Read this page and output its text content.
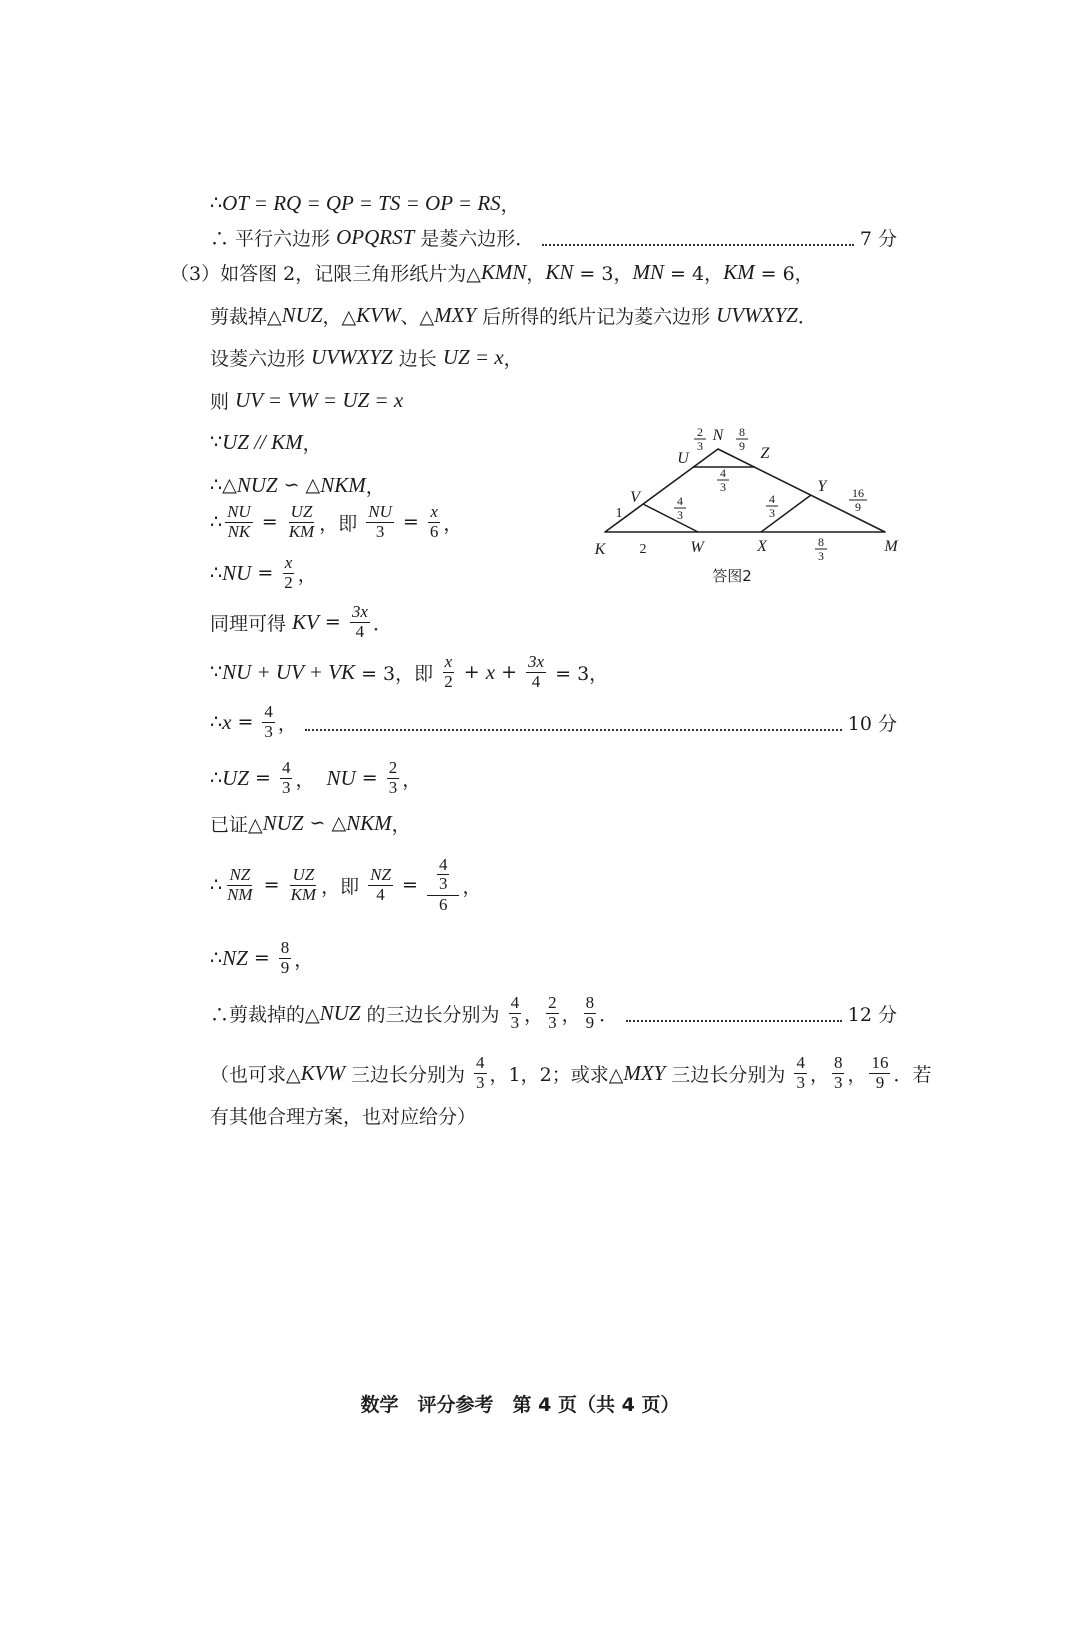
∴ OT = RQ = QP = TS = OP = RS ，
∴ 平行六边形 OPQRST 是菱六边形．	7 分
（3） 如答图 2，记限三角形纸片为△ KMN ， KN = 3， MN = 4， KM = 6，
剪裁掉△ NUZ ，△ KVW 、△ MXY 后所得的纸片记为菱六边形 UVWXYZ ．
设菱六边形 UVWXYZ 边长 UZ = x ，
则 UV = VW = UZ = x
∵ UZ // KM ，
∴△ NUZ ∽ △ NKM ，
∴ $\frac{NU}{NK} = \frac{UZ}{KM}$ ，即 $\frac{NU}{3} = \frac{x}{6}$ ，
∴ NU = $\frac{x}{2}$ ，
同理可得 KV = $\frac{3x}{4}$ ．
∵ NU + UV + VK = 3，即 $\frac{x}{2} + x + \frac{3x}{4} = 3$，
∴ $x = \frac{4}{3}$ ，	10 分
∴ UZ = $\frac{4}{3}$ ， NU = $\frac{2}{3}$ ，
已证△ NUZ ∽ △ NKM ，
∴ $\frac{NZ}{NM} = \frac{UZ}{KM}$ ，即 $\frac{NZ}{4} = \frac{\frac{4}{3}}{6}$ ，
∴ NZ = $\frac{8}{9}$ ，
∴剪裁掉的△ NUZ 的三边长分别为 $\frac{4}{3}$ ， $\frac{2}{3}$ ， $\frac{8}{9}$ ．	12 分
（也可求△ KVW 三边长分别为 $\frac{4}{3}$ ，1，2；或求△ MXY 三边长分别为 $\frac{4}{3}$ ， $\frac{8}{3}$ ， $\frac{16}{9}$ ．若
有其他合理方案，也对应给分）
N
U	Z
V
Y
K	W	X	M
2
3
8
9
4
3
4
3
4
3
16
9
8
3
1
2
答图2
数学　评分参考　第 4 页（共 4 页）
